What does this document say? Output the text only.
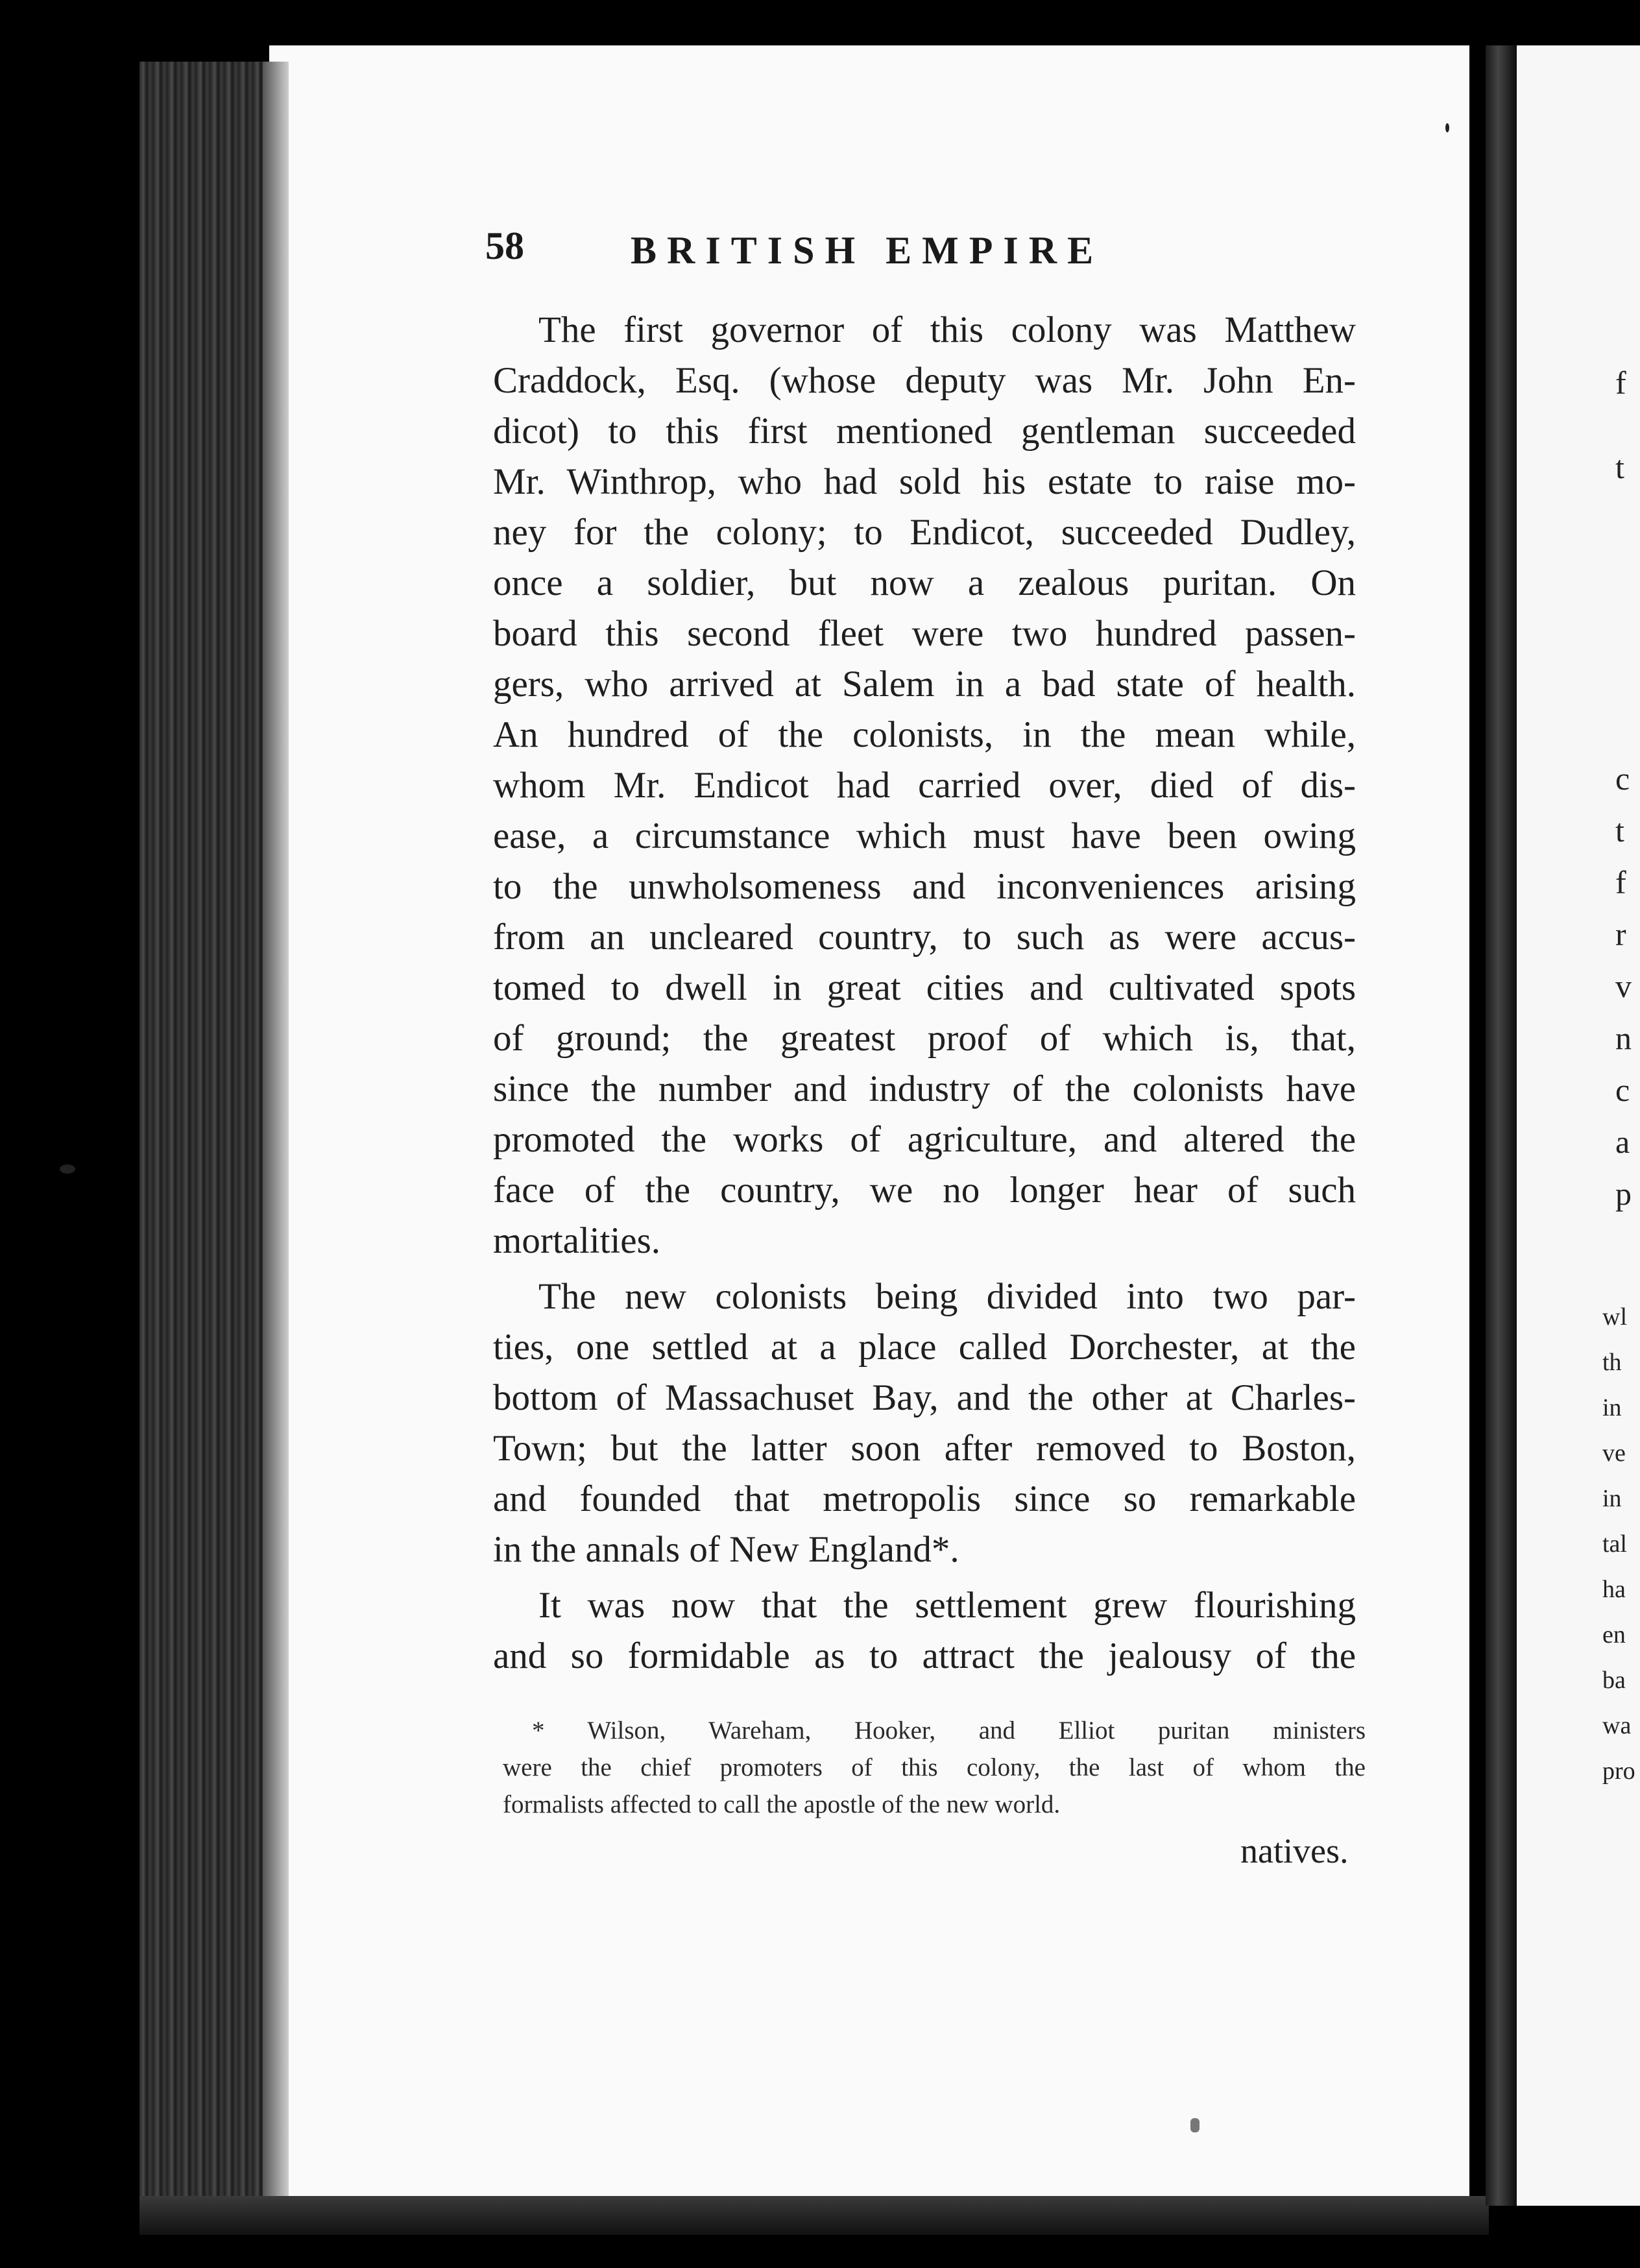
58	BRITISH EMPIRE
The first governor of this colony was Matthew
Craddock, Esq. (whose deputy was Mr. John En-
dicot) to this first mentioned gentleman succeeded
Mr. Winthrop, who had sold his estate to raise mo-
ney for the colony; to Endicot, succeeded Dudley,
once a soldier, but now a zealous puritan. On
board this second fleet were two hundred passen-
gers, who arrived at Salem in a bad state of health.
An hundred of the colonists, in the mean while,
whom Mr. Endicot had carried over, died of dis-
ease, a circumstance which must have been owing
to the unwholsomeness and inconveniences arising
from an uncleared country, to such as were accus-
tomed to dwell in great cities and cultivated spots
of ground; the greatest proof of which is, that,
since the number and industry of the colonists have
promoted the works of agriculture, and altered the
face of the country, we no longer hear of such
mortalities.
The new colonists being divided into two par-
ties, one settled at a place called Dorchester, at the
bottom of Massachuset Bay, and the other at Charles-
Town; but the latter soon after removed to Boston,
and founded that metropolis since so remarkable
in the annals of New England*.
It was now that the settlement grew flourishing
and so formidable as to attract the jealousy of the
* Wilson, Wareham, Hooker, and Elliot puritan ministers
were the chief promoters of this colony, the last of whom the
formalists affected to call the apostle of the new world.
natives.
f
t
c
t
f
r
v
n
c
a
p
wl
th
in
ve
in
tal
ha
en
ba
wa
pro
